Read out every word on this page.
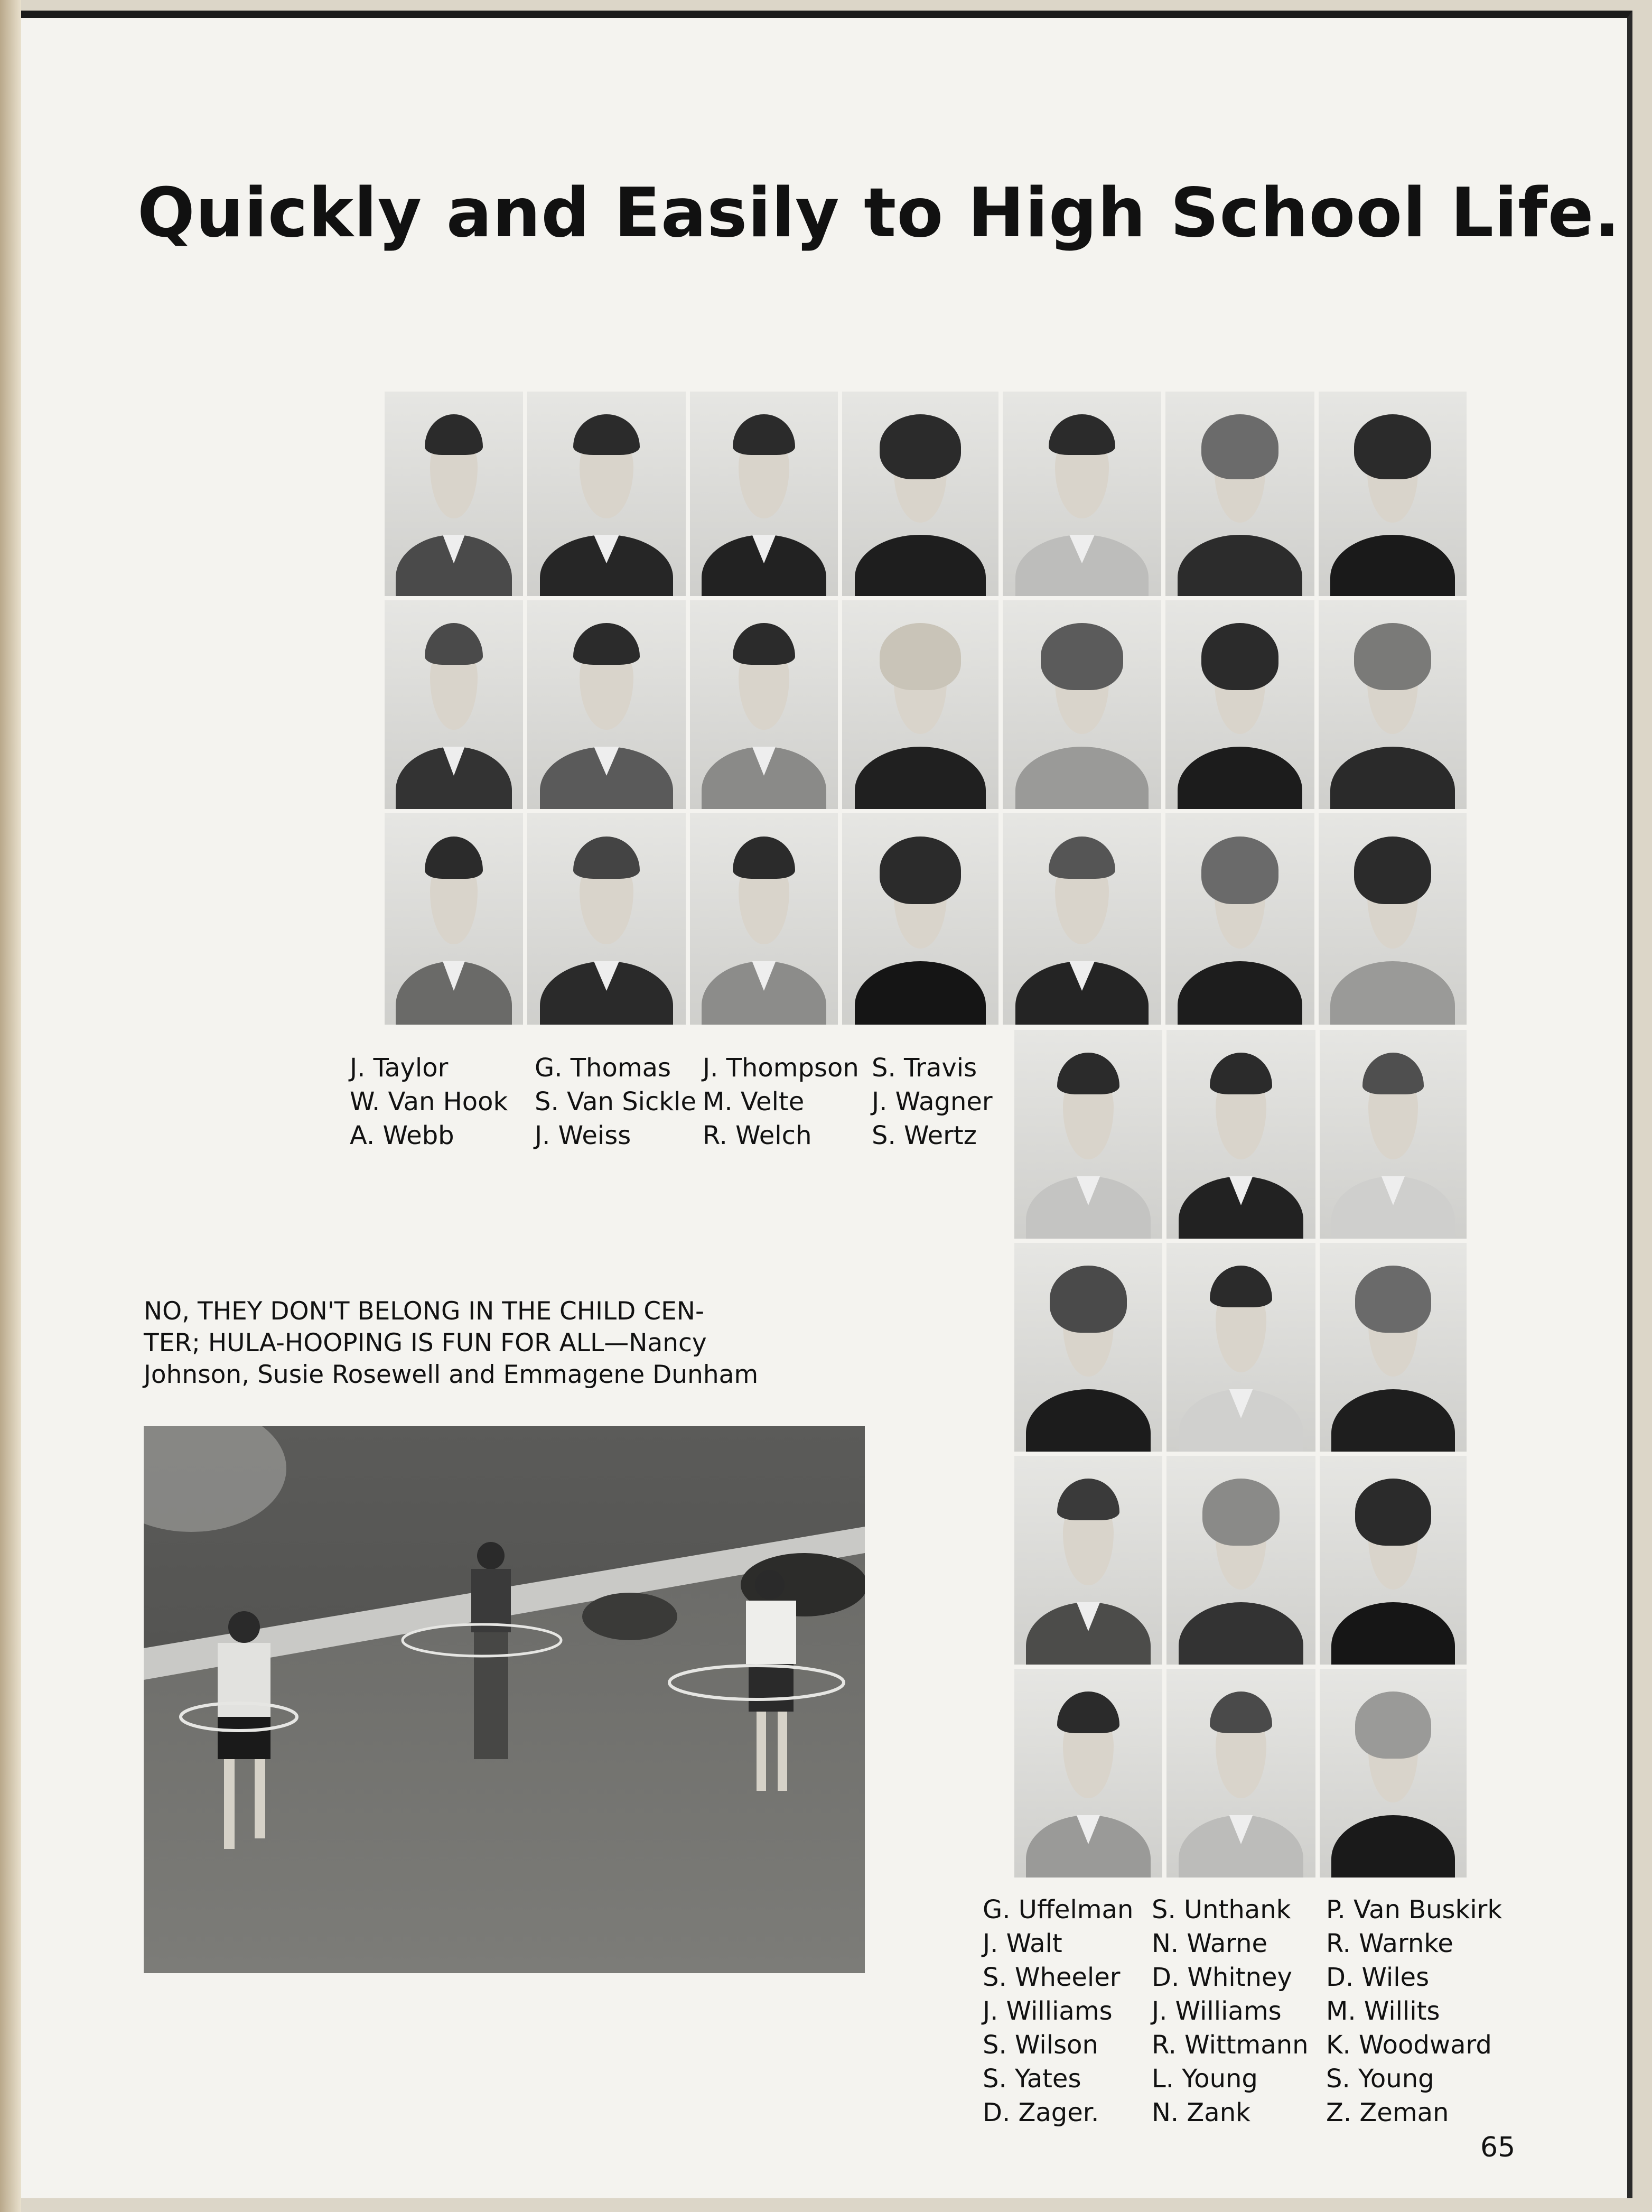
Quickly and Easily to High School Life.
J. Taylor
W. Van Hook
A. Webb
G. Thomas
S. Van Sickle
J. Weiss
J. Thompson
M. Velte
R. Welch
S. Travis
J. Wagner
S. Wertz
NO, THEY DON'T BELONG IN THE CHILD CEN-
TER; HULA-HOOPING IS FUN FOR ALL—Nancy
Johnson, Susie Rosewell and Emmagene Dunham
G. Uffelman
J. Walt
S. Wheeler
J. Williams
S. Wilson
S. Yates
D. Zager.
S. Unthank
N. Warne
D. Whitney
J. Williams
R. Wittmann
L. Young
N. Zank
P. Van Buskirk
R. Warnke
D. Wiles
M. Willits
K. Woodward
S. Young
Z. Zeman
65
